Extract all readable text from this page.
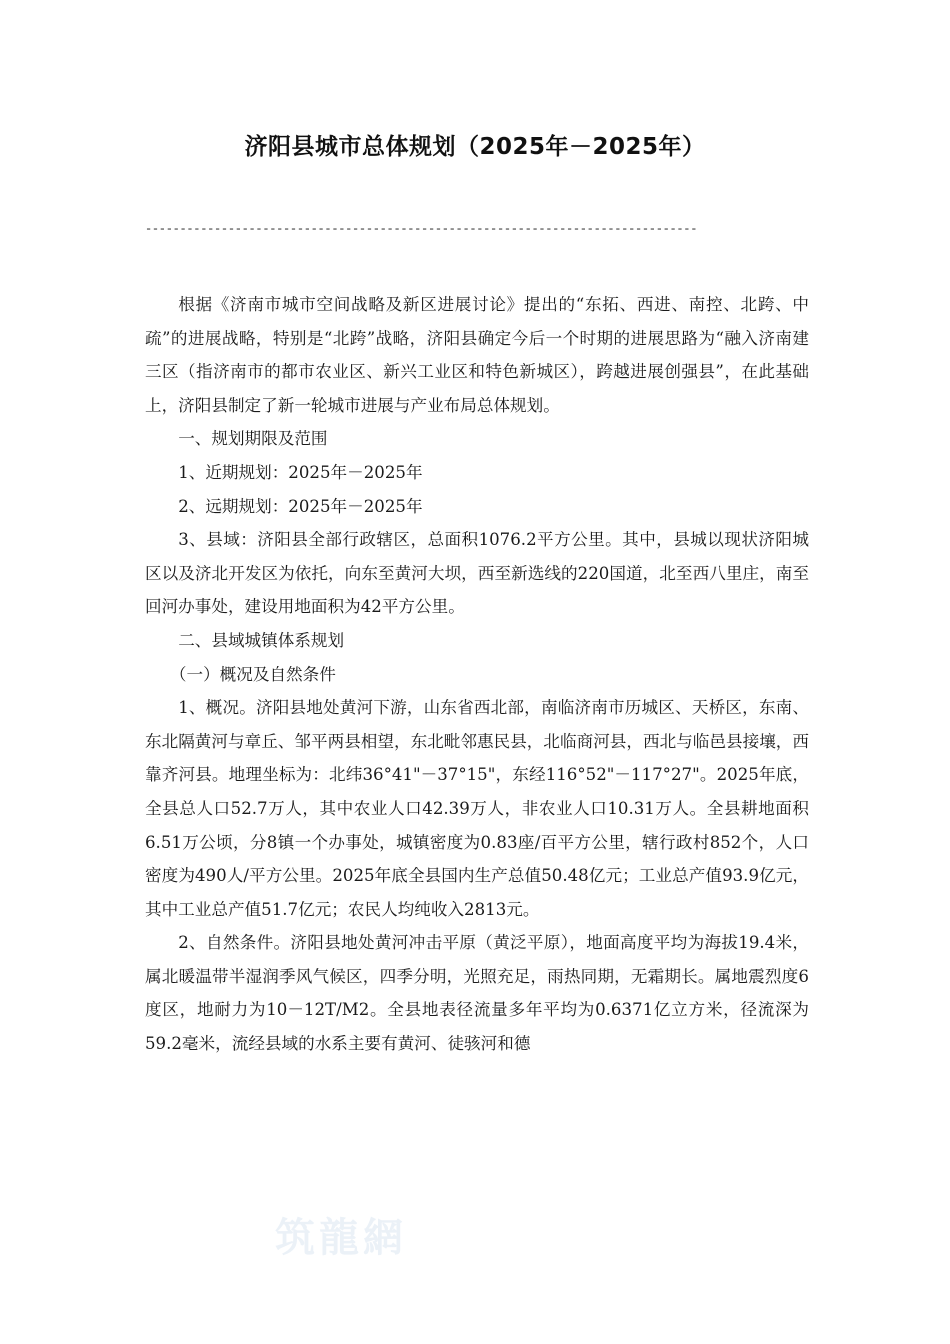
济阳县城市总体规划（2025年－2025年）
--------------------------------------------------------------------------------

根据《济南市城市空间战略及新区进展讨论》提出的“东拓、西进、南控、北跨、中疏”的进展战略，特别是“北跨”战略，济阳县确定今后一个时期的进展思路为“融入济南建三区（指济南市的都市农业区、新兴工业区和特色新城区），跨越进展创强县”，在此基础上，济阳县制定了新一轮城市进展与产业布局总体规划。

一、规划期限及范围

1、近期规划：2025年－2025年

2、远期规划：2025年－2025年

3、县域：济阳县全部行政辖区，总面积1076.2平方公里。其中，县城以现状济阳城区以及济北开发区为依托，向东至黄河大坝，西至新选线的220国道，北至西八里庄，南至回河办事处，建设用地面积为42平方公里。

二、县域城镇体系规划

（一）概况及自然条件

1、概况。济阳县地处黄河下游，山东省西北部，南临济南市历城区、天桥区，东南、东北隔黄河与章丘、邹平两县相望，东北毗邻惠民县，北临商河县，西北与临邑县接壤，西靠齐河县。地理坐标为：北纬36°41"－37°15"，东经116°52"－117°27"。2025年底，全县总人口52.7万人，其中农业人口42.39万人，非农业人口10.31万人。全县耕地面积6.51万公顷，分8镇一个办事处，城镇密度为0.83座/百平方公里，辖行政村852个，人口密度为490人/平方公里。2025年底全县国内生产总值50.48亿元；工业总产值93.9亿元，其中工业总产值51.7亿元；农民人均纯收入2813元。

2、自然条件。济阳县地处黄河冲击平原（黄泛平原），地面高度平均为海拔19.4米，属北暖温带半湿润季风气候区，四季分明，光照充足，雨热同期，无霜期长。属地震烈度6度区，地耐力为10－12T/M2。全县地表径流量多年平均为0.6371亿立方米，径流深为59.2毫米，流经县域的水系主要有黄河、徒骇河和德

筑龍網
